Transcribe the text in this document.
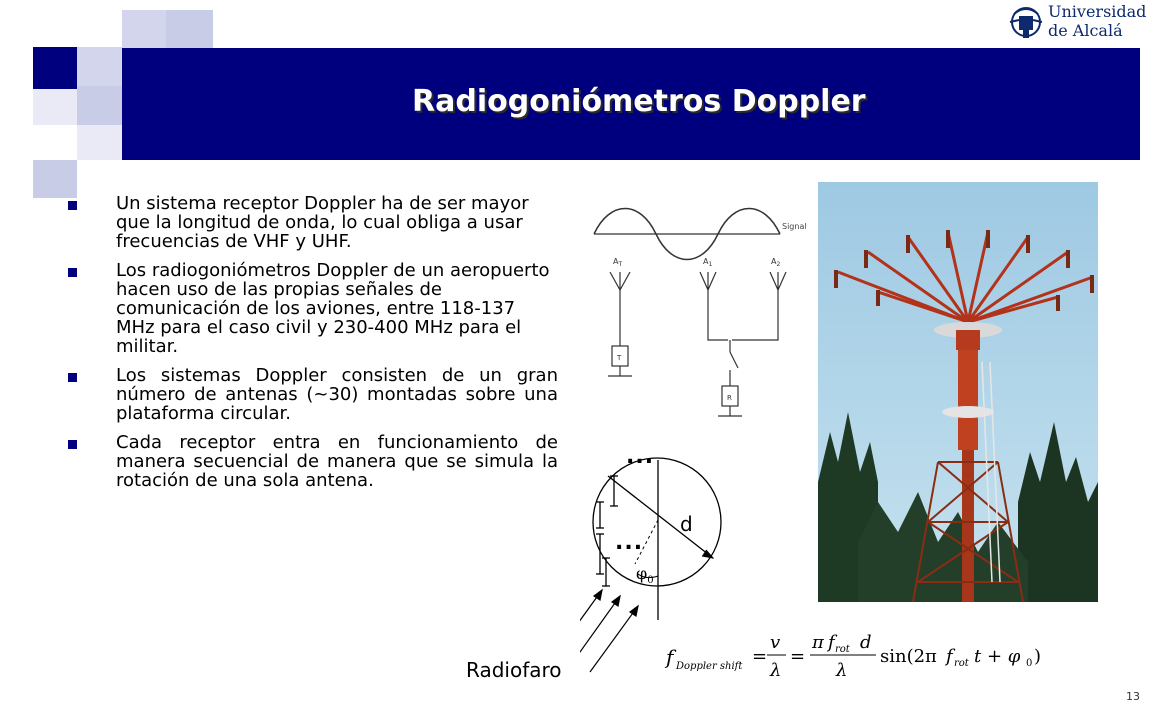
Radiogoniómetros Doppler
Universidad
de Alcalá
Un sistema receptor Doppler ha de ser mayor que la longitud de onda, lo cual obliga a usar frecuencias de VHF y UHF.
Los radiogoniómetros Doppler de un aeropuerto hacen uso de las propias señales de comunicación de los aviones, entre 118-137 MHz para el caso civil y 230-400 MHz para el militar.
Los sistemas Doppler consisten de un gran número de antenas (~30) montadas sobre una plataforma circular.
Cada receptor entra en funcionamiento de manera secuencial de manera que se simula la rotación de una sola antena.
$A_T$	$A_1$	$A_2$
T
R
Signal
...
...
d
$\varphi_0$
Radiofaro
f Doppler shift =
v
λ
=
π f rot d
λ
sin(2π f rot t + φ 0 )
13
